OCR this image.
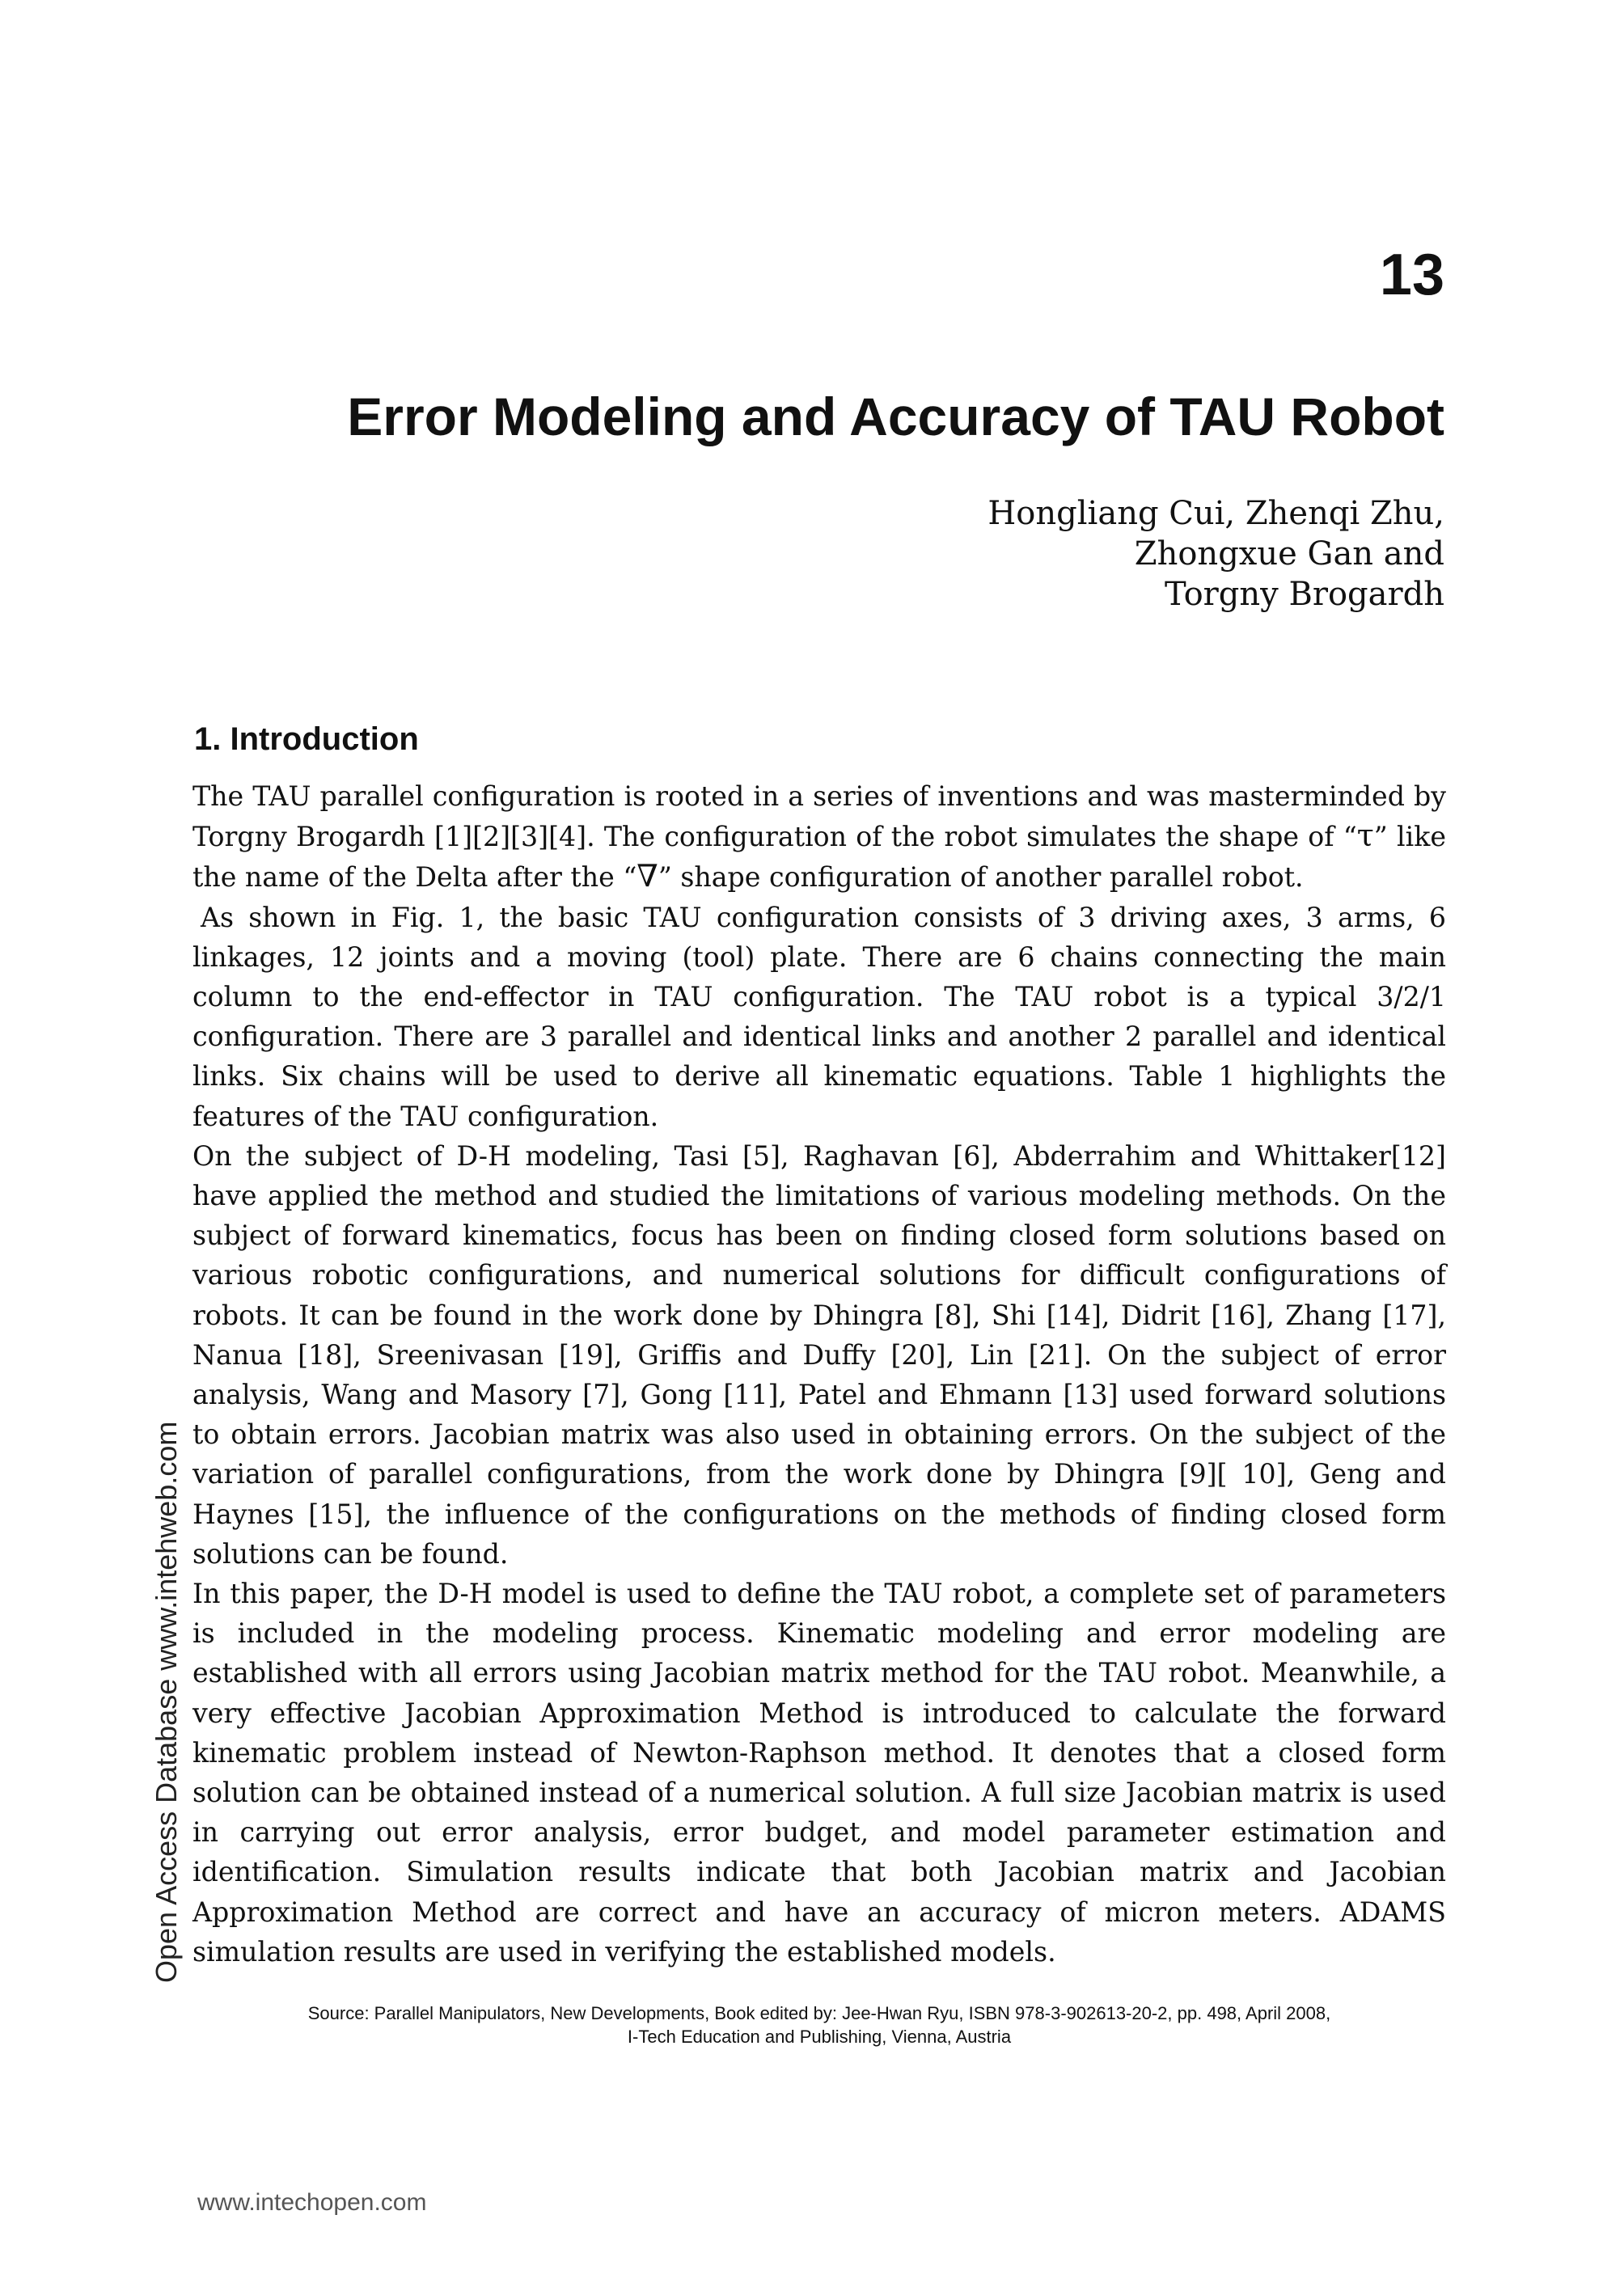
13
Error Modeling and Accuracy of TAU Robot
Hongliang Cui, Zhenqi Zhu,
Zhongxue Gan and
Torgny Brogardh
1. Introduction

The TAU parallel configuration is rooted in a series of inventions and was masterminded by Torgny Brogardh [1][2][3][4]. The configuration of the robot simulates the shape of “τ” like the name of the Delta after the “∇” shape configuration of another parallel robot.

As shown in Fig. 1, the basic TAU configuration consists of 3 driving axes, 3 arms, 6 linkages, 12 joints and a moving (tool) plate. There are 6 chains connecting the main column to the end-effector in TAU configuration. The TAU robot is a typical 3/2/1 configuration. There are 3 parallel and identical links and another 2 parallel and identical links. Six chains will be used to derive all kinematic equations. Table 1 highlights the features of the TAU configuration.

On the subject of D-H modeling, Tasi [5], Raghavan [6], Abderrahim and Whittaker[12] have applied the method and studied the limitations of various modeling methods. On the subject of forward kinematics, focus has been on finding closed form solutions based on various robotic configurations, and numerical solutions for difficult configurations of robots. It can be found in the work done by Dhingra [8], Shi [14], Didrit [16], Zhang [17], Nanua [18], Sreenivasan [19], Griffis and Duffy [20], Lin [21]. On the subject of error analysis, Wang and Masory [7], Gong [11], Patel and Ehmann [13] used forward solutions to obtain errors. Jacobian matrix was also used in obtaining errors. On the subject of the variation of parallel configurations, from the work done by Dhingra [9][ 10], Geng and Haynes [15], the influence of the configurations on the methods of finding closed form solutions can be found.

In this paper, the D-H model is used to define the TAU robot, a complete set of parameters is included in the modeling process. Kinematic modeling and error modeling are established with all errors using Jacobian matrix method for the TAU robot. Meanwhile, a very effective Jacobian Approximation Method is introduced to calculate the forward kinematic problem instead of Newton-Raphson method. It denotes that a closed form solution can be obtained instead of a numerical solution. A full size Jacobian matrix is used in carrying out error analysis, error budget, and model parameter estimation and identification. Simulation results indicate that both Jacobian matrix and Jacobian Approximation Method are correct and have an accuracy of micron meters. ADAMS simulation results are used in verifying the established models.

Source: Parallel Manipulators, New Developments, Book edited by: Jee-Hwan Ryu, ISBN 978-3-902613-20-2, pp. 498, April 2008,
I-Tech Education and Publishing, Vienna, Austria
Open Access Database www.intehweb.com
www.intechopen.com
